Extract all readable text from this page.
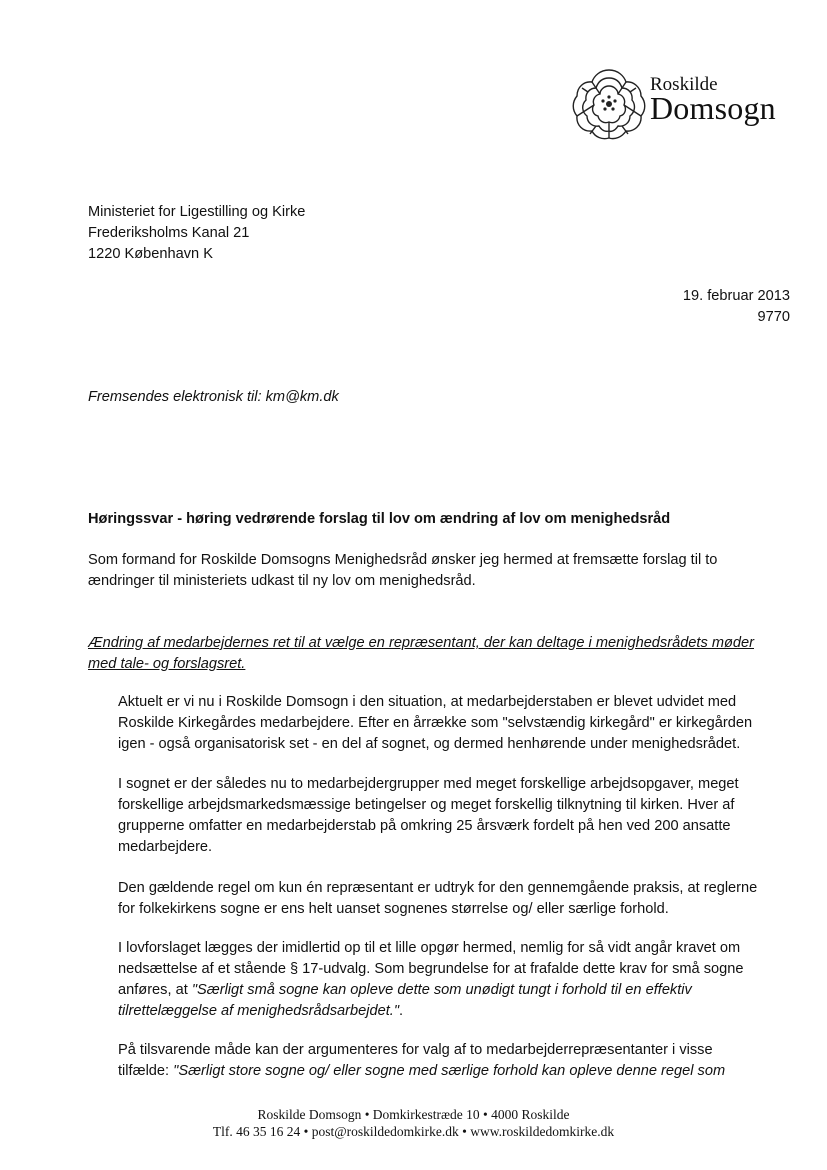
Roskilde
Domsogn
Ministeriet for Ligestilling og Kirke
Frederiksholms Kanal 21
1220 København K
19. februar 2013
9770
Fremsendes elektronisk til: km@km.dk
Høringssvar - høring vedrørende forslag til lov om ændring af lov om menighedsråd
Som formand for Roskilde Domsogns Menighedsråd ønsker jeg hermed at fremsætte forslag til to
ændringer til ministeriets udkast til ny lov om menighedsråd.
Ændring af medarbejdernes ret til at vælge en repræsentant, der kan deltage i menighedsrådets møder
med tale- og forslagsret.
Aktuelt er vi nu i Roskilde Domsogn i den situation, at medarbejderstaben er blevet udvidet med
Roskilde Kirkegårdes medarbejdere. Efter en årrække som "selvstændig kirkegård" er kirkegården
igen - også organisatorisk set - en del af sognet, og dermed henhørende under menighedsrådet.
I sognet er der således nu to medarbejdergrupper med meget forskellige arbejdsopgaver, meget
forskellige arbejdsmarkedsmæssige betingelser og meget forskellig tilknytning til kirken. Hver af
grupperne omfatter en medarbejderstab på omkring 25 årsværk fordelt på hen ved 200 ansatte
medarbejdere.
Den gældende regel om kun én repræsentant er udtryk for den gennemgående praksis, at reglerne
for folkekirkens sogne er ens helt uanset sognenes størrelse og/ eller særlige forhold.
I lovforslaget lægges der imidlertid op til et lille opgør hermed, nemlig for så vidt angår kravet om
nedsættelse af et stående § 17-udvalg. Som begrundelse for at frafalde dette krav for små sogne
anføres, at "Særligt små sogne kan opleve dette som unødigt tungt i forhold til en effektiv
tilrettelæggelse af menighedsrådsarbejdet.".
På tilsvarende måde kan der argumenteres for valg af to medarbejderrepræsentanter i visse
tilfælde: "Særligt store sogne og/ eller sogne med særlige forhold kan opleve denne regel som
Roskilde Domsogn • Domkirkestræde 10 • 4000 Roskilde
Tlf. 46 35 16 24 • post@roskildedomkirke.dk • www.roskildedomkirke.dk
